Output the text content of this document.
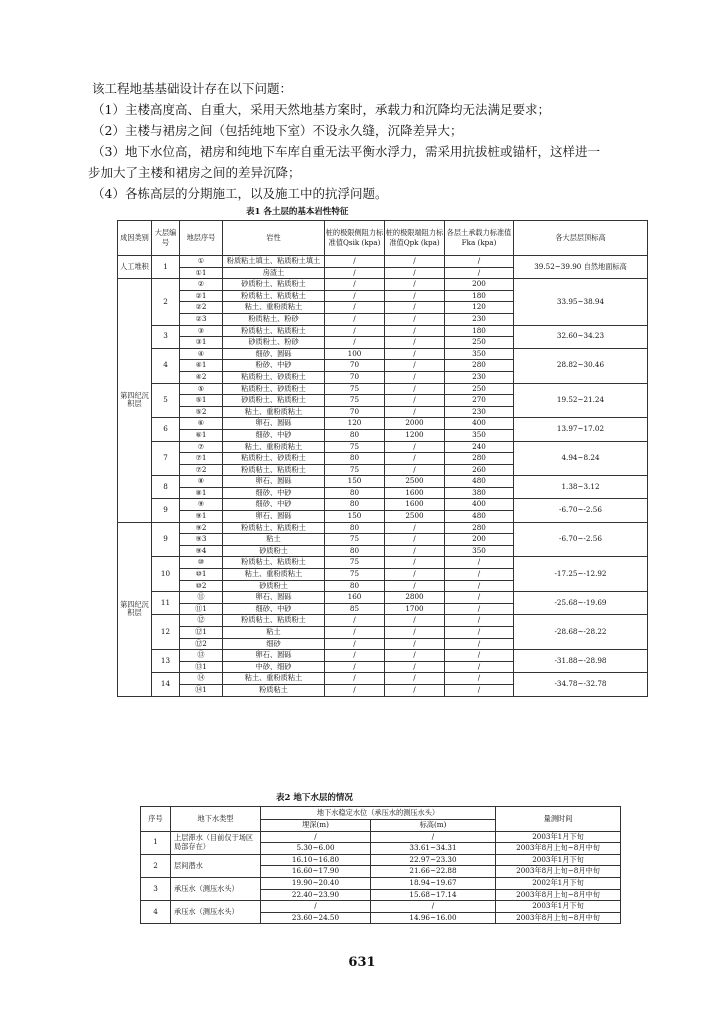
该工程地基基础设计存在以下问题：

（1）主楼高度高、自重大，采用天然地基方案时，承载力和沉降均无法满足要求；

（2）主楼与裙房之间（包括纯地下室）不设永久缝，沉降差异大；

（3）地下水位高，裙房和纯地下车库自重无法平衡水浮力，需采用抗拔桩或锚杆，这样进一

步加大了主楼和裙房之间的差异沉降；

（4）各栋高层的分期施工，以及施工中的抗浮问题。

表1 各土层的基本岩性特征
成因类别	大层编号	地层序号	岩性	桩的极限侧阻力标准值Qsik (kpa)	桩的极限端阻力标准值Qpk (kpa)	各层土承载力标准值Fka (kpa)	各大层层顶标高
人工堆积	1	①	粉质粘土填土、粘质粉土填土	/	/	/	39.52~39.90 自然地面标高
		①1	房渣土	/	/	/	
第四纪沉积层	2	②	砂质粉土、粘质粉土	/	/	200	33.95~38.94
		②1	粉质粘土、粘质粘土	/	/	180	
		②2	粘土、重粉质粘土	/	/	120	
		②3	粉质粘土、粉砂	/	/	230	
	3	③	粉质粘土、粘质粉土	/	/	180	32.60~34.23
		③1	砂质粉土、粉砂	/	/	250	
	4	④	细砂、圆砾	100	/	350	28.82~30.46
		④1	粉砂、中砂	70	/	280	
		④2	粘质粉土、砂质粉土	70	/	230	
	5	⑤	粘质粉土、砂质粉土	75	/	250	19.52~21.24
		⑤1	砂质粉土、粘质粉土	75	/	270	
		⑤2	粘土、重粉质粘土	70	/	230	
	6	⑥	卵石、圆砾	120	2000	400	13.97~17.02
		⑥1	细砂、中砂	80	1200	350	
	7	⑦	粘土、重粉质粘土	75	/	240	4.94~8.24
		⑦1	粘质粉土、砂质粉土	80	/	280	
		⑦2	粉质粘土、粘质粉土	75	/	260	
	8	⑧	卵石、圆砾	150	2500	480	1.38~3.12
		⑧1	细砂、中砂	80	1600	380	
	9	⑨	细砂、中砂	80	1600	400	-6.70~-2.56
		⑨1	卵石、圆砾	150	2500	480	
第四纪沉积层	9	⑨2	粉质粘土、粘质粉土	80	/	280	-6.70~-2.56
		⑨3	粘土	75	/	200	
		⑨4	砂质粉土	80	/	350	
	10	⑩	粉质粘土、粘质粉土	75	/	/	-17.25~-12.92
		⑩1	粘土、重粉质粘土	75	/	/	
		⑩2	砂质粉土	80	/	/	
	11	⑪	卵石、圆砾	160	2800	/	-25.68~-19.69
		⑪1	细砂、中砂	85	1700	/	
	12	⑫	粉质粘土、粘质粉土	/	/	/	-28.68~-28.22
		⑫1	粘土	/	/	/	
		⑫2	细砂	/	/	/	
	13	⑬	卵石、圆砾	/	/	/	-31.88~-28.98
		⑬1	中砂、细砂	/	/	/	
	14	⑭	粘土、重粉质粘土	/	/	/	-34.78~-32.78
		⑭1	粉质粘土	/	/	/	
表2 地下水层的情况
序号	地下水类型	地下水稳定水位（承压水的测压水头）		量测时间
		埋深(m)	标高(m)	
1	上层滞水（目前仅于场区局部存在）	/	/	2003年1月下旬
		5.30~6.00	33.61~34.31	2003年8月上旬~8月中旬
2	层间潜水	16.10~16.80	22.97~23.30	2003年1月下旬
		16.60~17.90	21.66~22.88	2003年8月上旬~8月中旬
3	承压水（测压水头）	19.90~20.40	18.94~19.67	2002年1月下旬
		22.40~23.90	15.68~17.14	2003年8月上旬~8月中旬
4	承压水（测压水头）	/	/	2003年1月下旬
		23.60~24.50	14.96~16.00	2003年8月上旬~8月中旬
631
